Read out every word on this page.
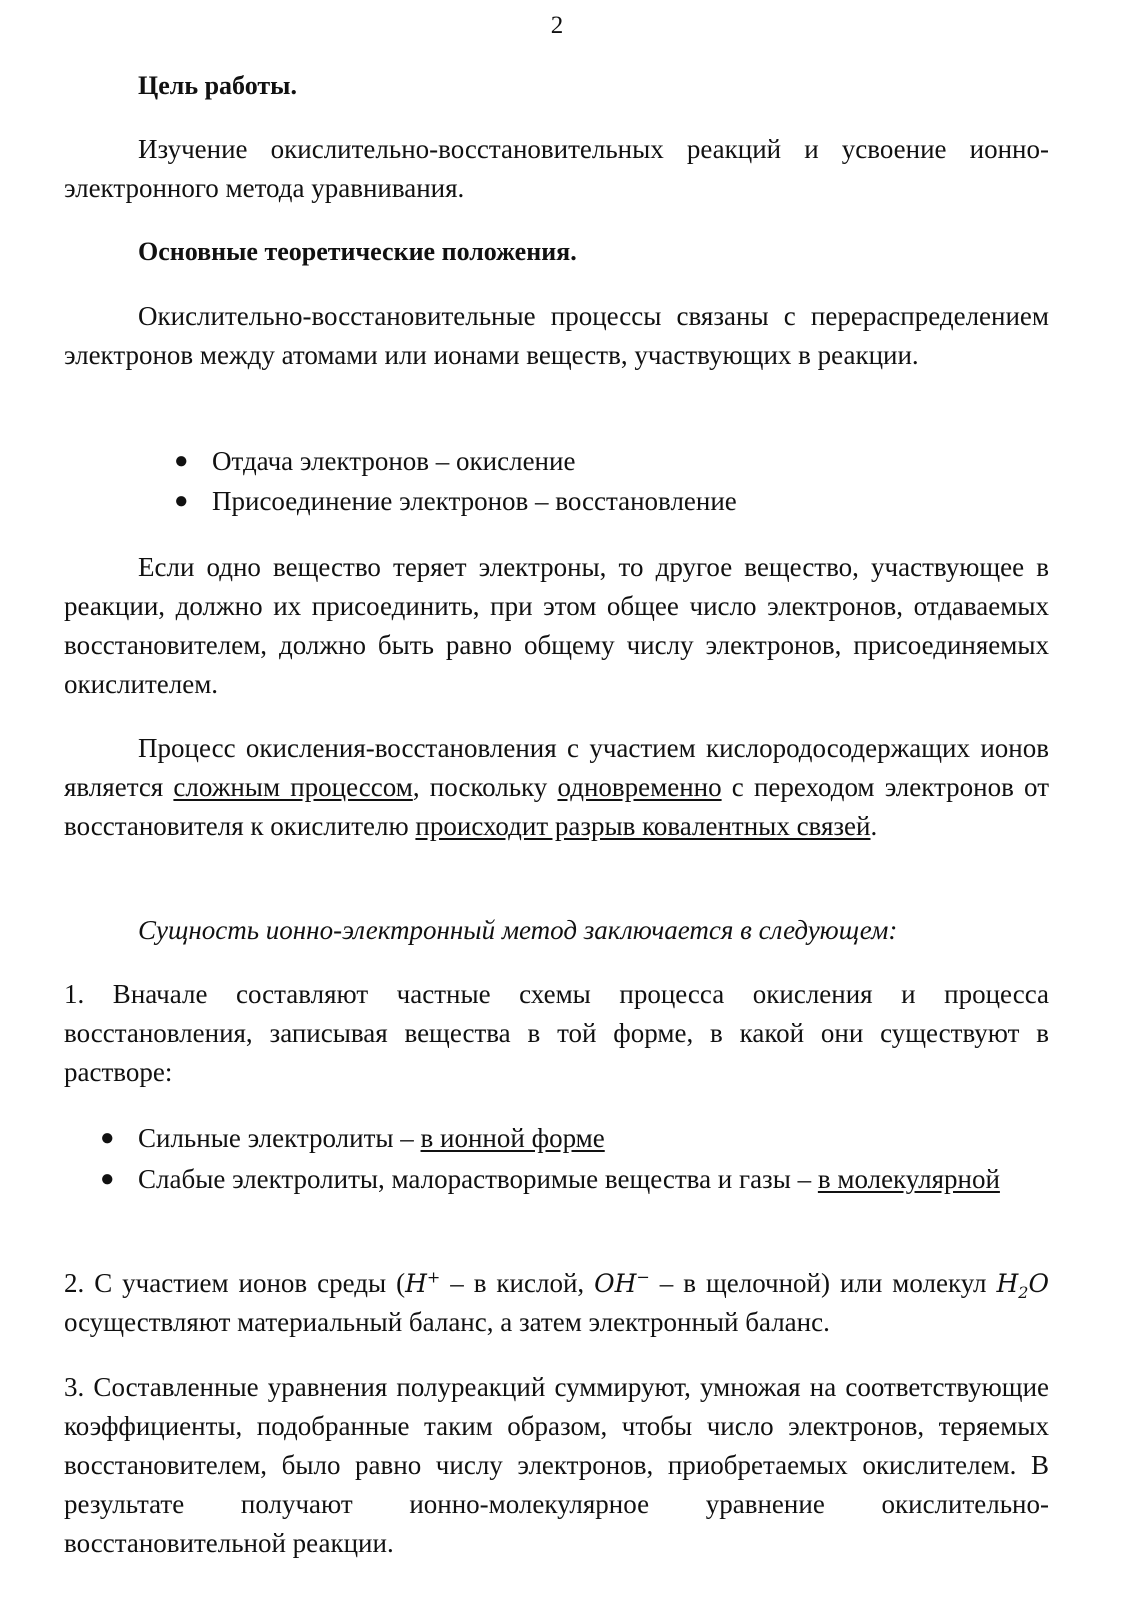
2

Цель работы.

Изучение окислительно-восстановительных реакций и усвоение ионно-электронного метода уравнивания.

Основные теоретические положения.

Окислительно-восстановительные процессы связаны с перераспределением электронов между атомами или ионами веществ, участвующих в реакции.

● Отдача электронов – окисление
● Присоединение электронов – восстановление

Если одно вещество теряет электроны, то другое вещество, участвующее в реакции, должно их присоединить, при этом общее число электронов, отдаваемых восстановителем, должно быть равно общему числу электронов, присоединяемых окислителем.

Процесс окисления-восстановления с участием кислородосодержащих ионов является сложным процессом, поскольку одновременно с переходом электронов от восстановителя к окислителю происходит разрыв ковалентных связей.

Сущность ионно-электронный метод заключается в следующем:

1. Вначале составляют частные схемы процесса окисления и процесса восстановления, записывая вещества в той форме, в какой они существуют в растворе:

● Сильные электролиты – в ионной форме
● Слабые электролиты, малорастворимые вещества и газы – в молекулярной

2. С участием ионов среды (H+ – в кислой, OH− – в щелочной) или молекул $H_2O$ осуществляют материальный баланс, а затем электронный баланс.

3. Составленные уравнения полуреакций суммируют, умножая на соответствующие коэффициенты, подобранные таким образом, чтобы число электронов, теряемых восстановителем, было равно числу электронов, приобретаемых окислителем. В результате получают ионно-молекулярное уравнение окислительно-восстановительной реакции.
